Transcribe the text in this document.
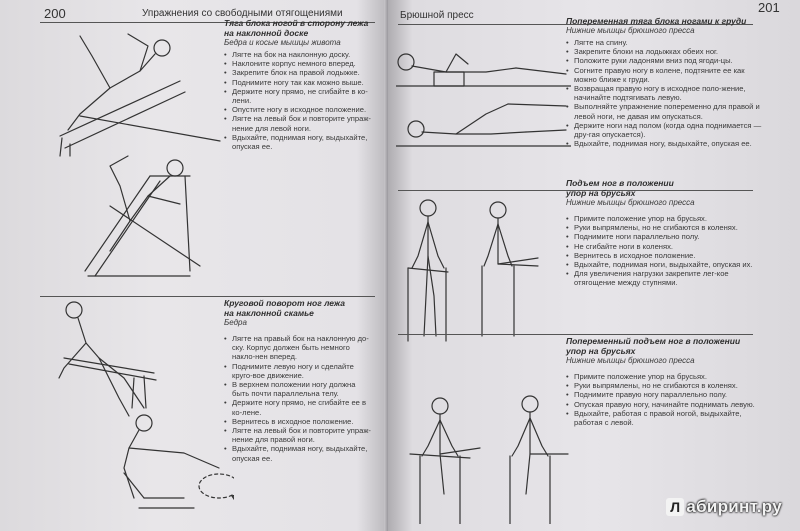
200	Упражнения со свободными отягощениями
Тяга блока ногой в сторону лежа
на наклонной доске
Бедра и косые мышцы живота
• Лягте на бок на наклонную доску.
• Наклоните корпус немного вперед.
• Закрепите блок на правой лодыжке.
• Поднимите ногу так как можно выше.
• Держите ногу прямо, не сгибайте в ко-лени.
• Опустите ногу в исходное положение.
• Лягте на левый бок и повторите упраж-нение для левой ноги.
• Вдыхайте, поднимая ногу, выдыхайте, опуская ее.
Круговой поворот ног лежа
на наклонной скамье
Бедра
• Лягте на правый бок на наклонную до-ску. Корпус должен быть немного накло-нен вперед.
• Поднимите левую ногу и сделайте круго-вое движение.
• В верхнем положении ногу должна быть почти параллельна телу.
• Держите ногу прямо, не сгибайте ее в ко-лене.
• Вернитесь в исходное положение.
• Лягте на левый бок и повторите упраж-нение для правой ноги.
• Вдыхайте, поднимая ногу, выдыхайте, опуская ее.
Брюшной пресс
201
Попеременная тяга блока ногами к груди
Нижние мышцы брюшного пресса
• Лягте на спину.
• Закрепите блоки на лодыжках обеих ног.
• Положите руки ладонями вниз под ягоди-цы.
• Согните правую ногу в колене, подтяните ее как можно ближе к груди.
• Возвращая правую ногу в исходное поло-жение, начинайте подтягивать левую.
• Выполняйте упражнение попеременно для правой и левой ноги, не давая им опускаться.
• Держите ноги над полом (когда одна поднимается — дру-гая опускается).
• Вдыхайте, поднимая ногу, выдыхайте, опуская ее.
Подъем ног в положении
упор на брусьях
Нижние мышцы брюшного пресса
• Примите положение упор на брусьях.
• Руки выпрямлены, но не сгибаются в коленях.
• Поднимите ноги параллельно полу.
• Не сгибайте ноги в коленях.
• Вернитесь в исходное положение.
• Вдыхайте, поднимая ноги, выдыхайте, опуская их.
• Для увеличения нагрузки закрепите лег-кое отягощение между ступнями.
Попеременный подъем ног в положении
упор на брусьях
Нижние мышцы брюшного пресса
• Примите положение упор на брусьях.
• Руки выпрямлены, но не сгибаются в коленях.
• Поднимите правую ногу параллельно полу.
• Опуская правую ногу, начинайте поднимать левую.
• Вдыхайте, работая с правой ногой, выдыхайте, работая с левой.
Л абиринт.ру
